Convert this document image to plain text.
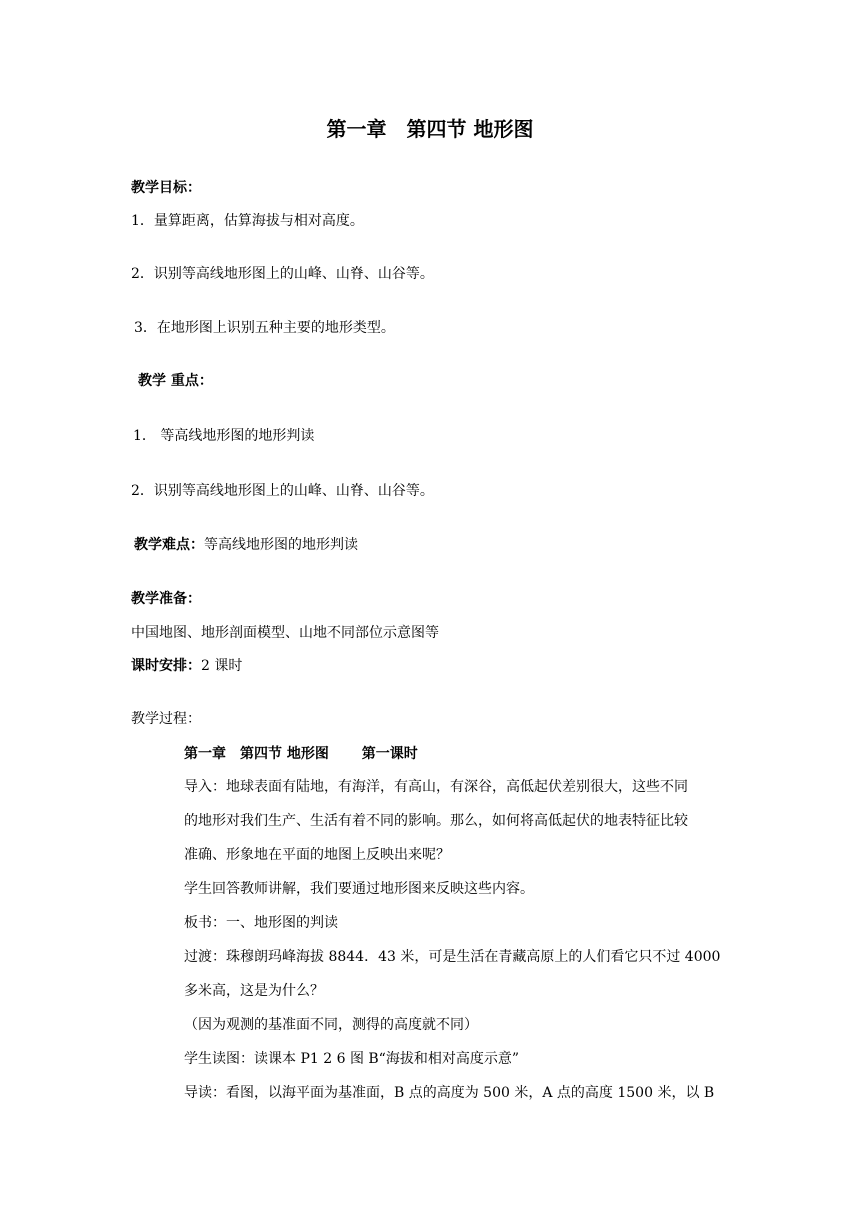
第一章　第四节 地形图
教学目标：
1．量算距离，估算海拔与相对高度。
2．识别等高线地形图上的山峰、山脊、山谷等。
3．在地形图上识别五种主要的地形类型。
教学 重点：
1． 等高线地形图的地形判读
2．识别等高线地形图上的山峰、山脊、山谷等。
教学难点：等高线地形图的地形判读
教学准备：
中国地图、地形剖面模型、山地不同部位示意图等
课时安排：2 课时
教学过程：
第一章　第四节 地形图　　 第一课时
导入：地球表面有陆地，有海洋，有高山，有深谷，高低起伏差别很大，这些不同
的地形对我们生产、生活有着不同的影响。那么，如何将高低起伏的地表特征比较
准确、形象地在平面的地图上反映出来呢？
学生回答教师讲解，我们要通过地形图来反映这些内容。
板书：一、地形图的判读
过渡：珠穆朗玛峰海拔 8844．43 米，可是生活在青藏高原上的人们看它只不过 4000
多米高，这是为什么？
（因为观测的基准面不同，测得的高度就不同）
学生读图：读课本 P1 2 6 图 B“海拔和相对高度示意”
导读：看图，以海平面为基准面，B 点的高度为 500 米，A 点的高度 1500 米，以 B
